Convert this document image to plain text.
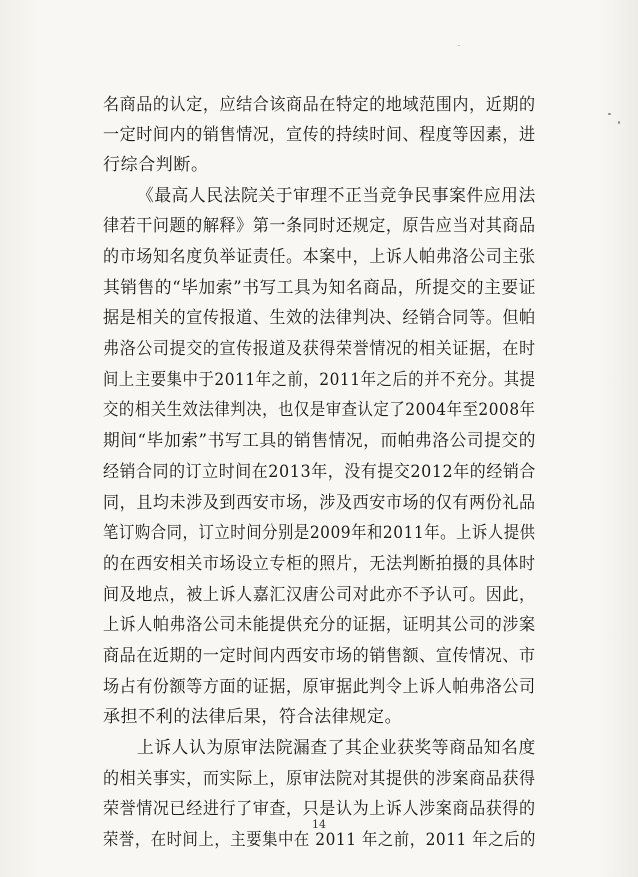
名商品的认定，应结合该商品在特定的地域范围内，近期的
一定时间内的销售情况，宣传的持续时间、程度等因素，进
行综合判断。
《最高人民法院关于审理不正当竞争民事案件应用法
律若干问题的解释》第一条同时还规定，原告应当对其商品
的市场知名度负举证责任。本案中，上诉人帕弗洛公司主张
其销售的“毕加索”书写工具为知名商品，所提交的主要证
据是相关的宣传报道、生效的法律判决、经销合同等。但帕
弗洛公司提交的宣传报道及获得荣誉情况的相关证据，在时
间上主要集中于2011年之前，2011年之后的并不充分。其提
交的相关生效法律判决，也仅是审查认定了2004年至2008年
期间“毕加索”书写工具的销售情况，而帕弗洛公司提交的
经销合同的订立时间在2013年，没有提交2012年的经销合
同，且均未涉及到西安市场，涉及西安市场的仅有两份礼品
笔订购合同，订立时间分别是2009年和2011年。上诉人提供
的在西安相关市场设立专柜的照片，无法判断拍摄的具体时
间及地点，被上诉人嘉汇汉唐公司对此亦不予认可。因此，
上诉人帕弗洛公司未能提供充分的证据，证明其公司的涉案
商品在近期的一定时间内西安市场的销售额、宣传情况、市
场占有份额等方面的证据，原审据此判令上诉人帕弗洛公司
承担不利的法律后果，符合法律规定。
上诉人认为原审法院漏查了其企业获奖等商品知名度
的相关事实，而实际上，原审法院对其提供的涉案商品获得
荣誉情况已经进行了审查，只是认为上诉人涉案商品获得的
荣誉，在时间上，主要集中在 2011 年之前，2011 年之后的
14
